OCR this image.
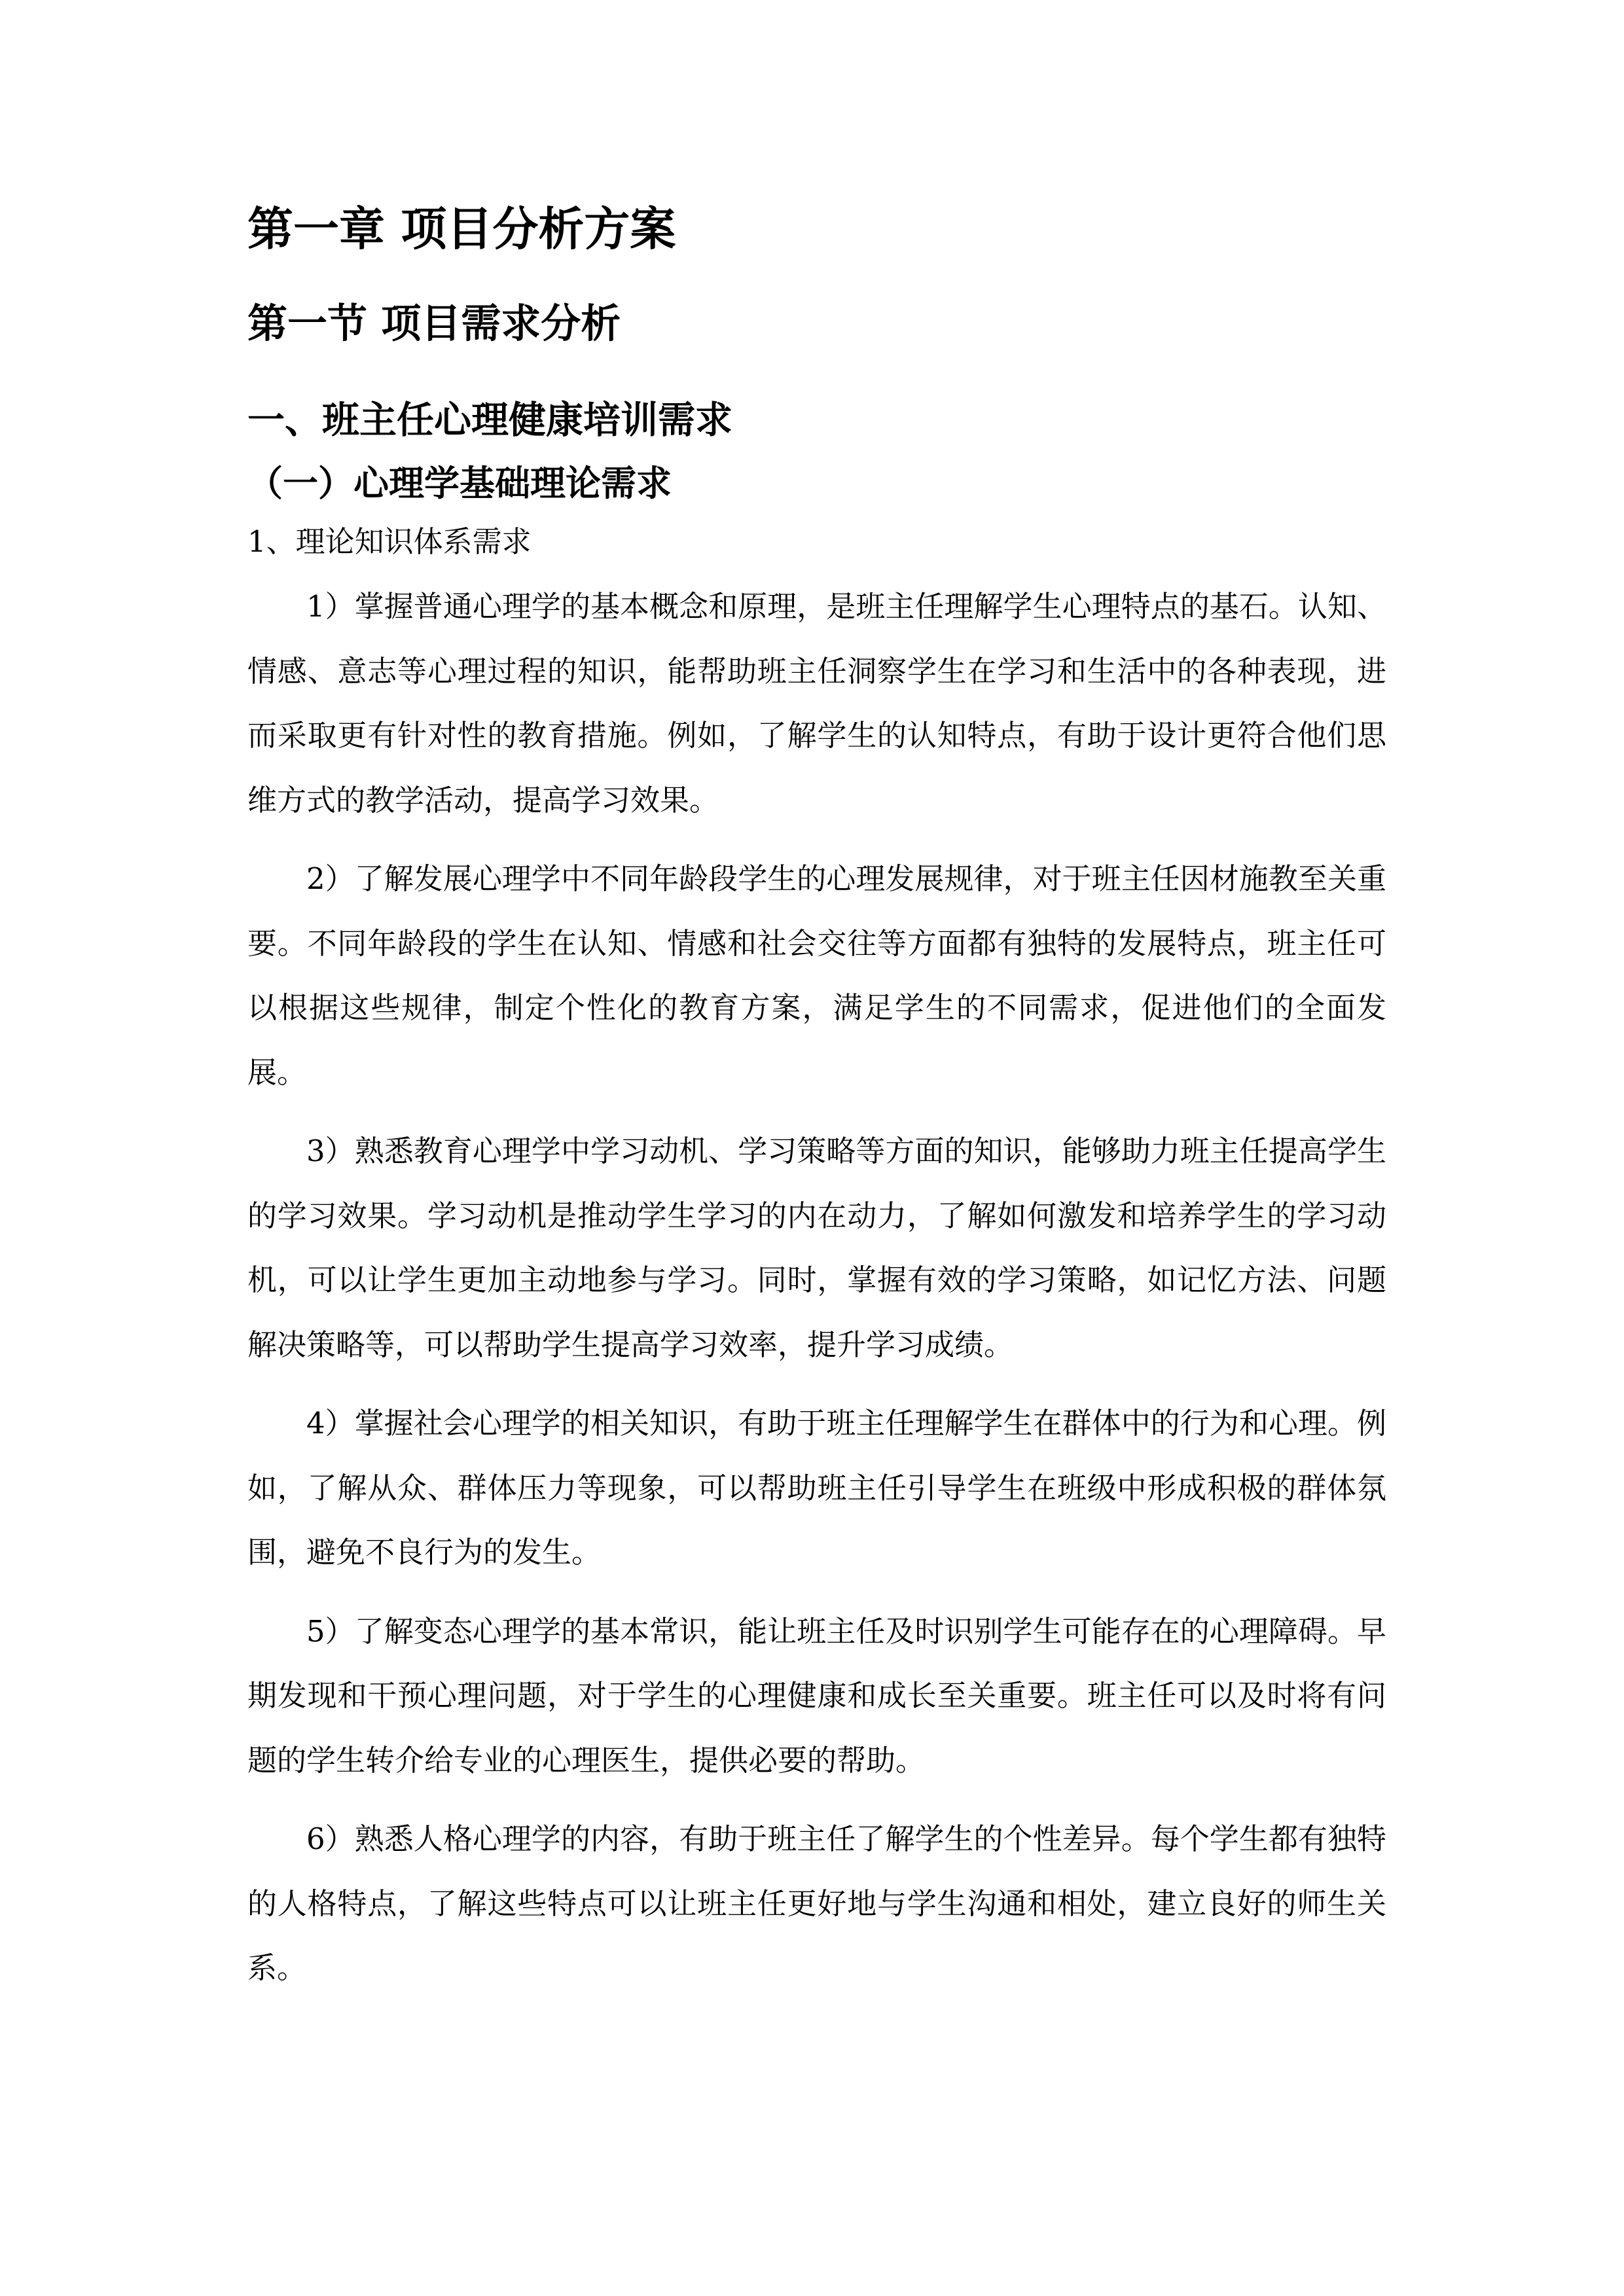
第一章 项目分析方案
第一节 项目需求分析
一、班主任心理健康培训需求
（一）心理学基础理论需求
1、理论知识体系需求

1）掌握普通心理学的基本概念和原理，是班主任理解学生心理特点的基石。认知、情感、意志等心理过程的知识，能帮助班主任洞察学生在学习和生活中的各种表现，进而采取更有针对性的教育措施。例如，了解学生的认知特点，有助于设计更符合他们思维方式的教学活动，提高学习效果。

2）了解发展心理学中不同年龄段学生的心理发展规律，对于班主任因材施教至关重要。不同年龄段的学生在认知、情感和社会交往等方面都有独特的发展特点，班主任可以根据这些规律，制定个性化的教育方案，满足学生的不同需求，促进他们的全面发展。

3）熟悉教育心理学中学习动机、学习策略等方面的知识，能够助力班主任提高学生的学习效果。学习动机是推动学生学习的内在动力，了解如何激发和培养学生的学习动机，可以让学生更加主动地参与学习。同时，掌握有效的学习策略，如记忆方法、问题解决策略等，可以帮助学生提高学习效率，提升学习成绩。

4）掌握社会心理学的相关知识，有助于班主任理解学生在群体中的行为和心理。例如，了解从众、群体压力等现象，可以帮助班主任引导学生在班级中形成积极的群体氛围，避免不良行为的发生。

5）了解变态心理学的基本常识，能让班主任及时识别学生可能存在的心理障碍。早期发现和干预心理问题，对于学生的心理健康和成长至关重要。班主任可以及时将有问题的学生转介给专业的心理医生，提供必要的帮助。

6）熟悉人格心理学的内容，有助于班主任了解学生的个性差异。每个学生都有独特的人格特点，了解这些特点可以让班主任更好地与学生沟通和相处，建立良好的师生关系。
